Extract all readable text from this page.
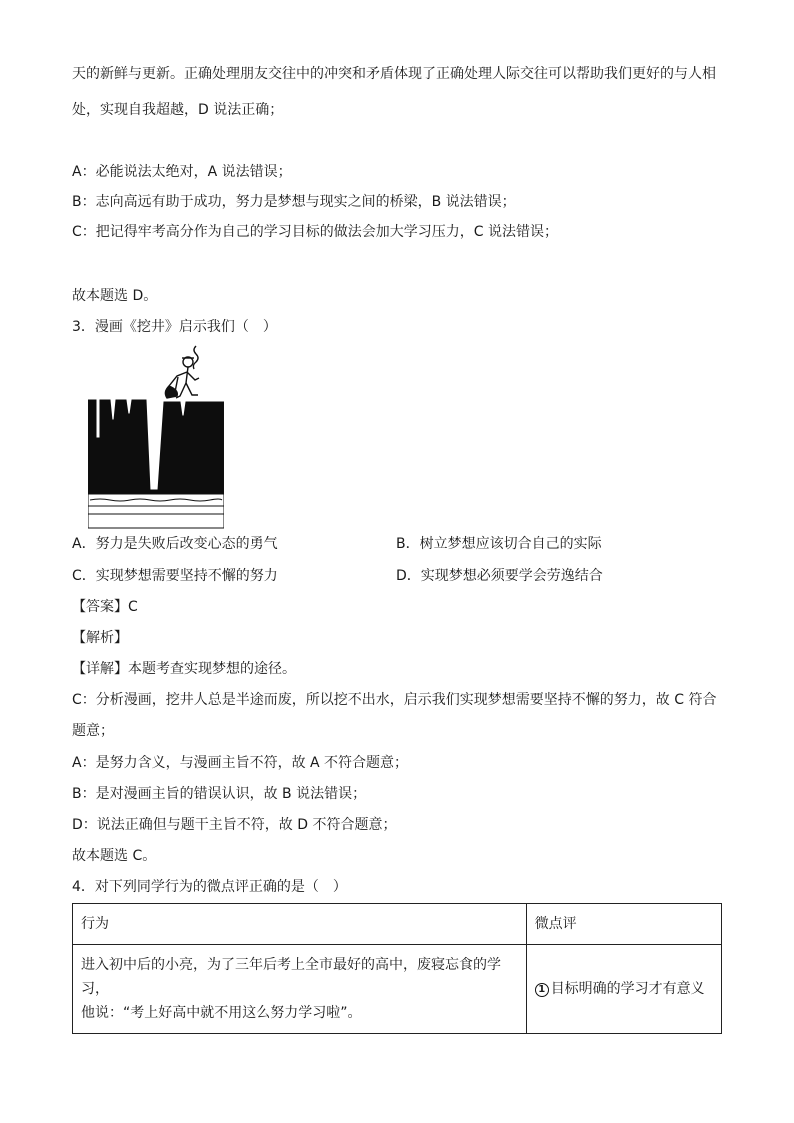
天的新鲜与更新。正确处理朋友交往中的冲突和矛盾体现了正确处理人际交往可以帮助我们更好的与人相
处，实现自我超越，D 说法正确；
A：必能说法太绝对，A 说法错误；
B：志向高远有助于成功，努力是梦想与现实之间的桥梁，B 说法错误；
C：把记得牢考高分作为自己的学习目标的做法会加大学习压力，C 说法错误；
故本题选 D。
3．漫画《挖井》启示我们（　）
A．努力是失败后改变心态的勇气	B．树立梦想应该切合自己的实际
C．实现梦想需要坚持不懈的努力	D．实现梦想必须要学会劳逸结合
【答案】C
【解析】
【详解】本题考查实现梦想的途径。
C：分析漫画，挖井人总是半途而废，所以挖不出水，启示我们实现梦想需要坚持不懈的努力，故 C 符合
题意；
A：是努力含义，与漫画主旨不符，故 A 不符合题意；
B：是对漫画主旨的错误认识，故 B 说法错误；
D：说法正确但与题干主旨不符，故 D 不符合题意；
故本题选 C。
4．对下列同学行为的微点评正确的是（　）
行为	微点评

进入初中后的小亮，为了三年后考上全市最好的高中，废寝忘食的学习，
他说：“考上好高中就不用这么努力学习啦”。	1 目标明确的学习才有意义
